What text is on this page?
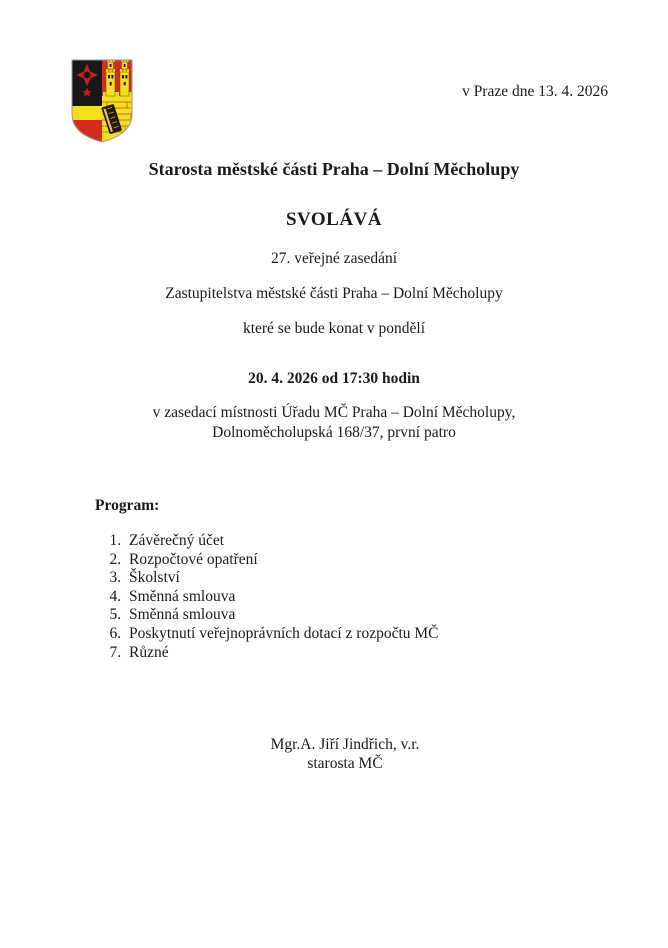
v Praze dne 13. 4. 2026
Starosta městské části Praha – Dolní Měcholupy
SVOLÁVÁ
27. veřejné zasedání
Zastupitelstva městské části Praha – Dolní Měcholupy
které se bude konat v pondělí
20. 4. 2026 od 17:30 hodin
v zasedací místnosti Úřadu MČ Praha – Dolní Měcholupy,
Dolnoměcholupská 168/37, první patro
Program:
1. Závěrečný účet
2. Rozpočtové opatření
3. Školství
4. Směnná smlouva
5. Směnná smlouva
6. Poskytnutí veřejnoprávních dotací z rozpočtu MČ
7. Různé
Mgr.A. Jiří Jindřich, v.r.
starosta MČ
